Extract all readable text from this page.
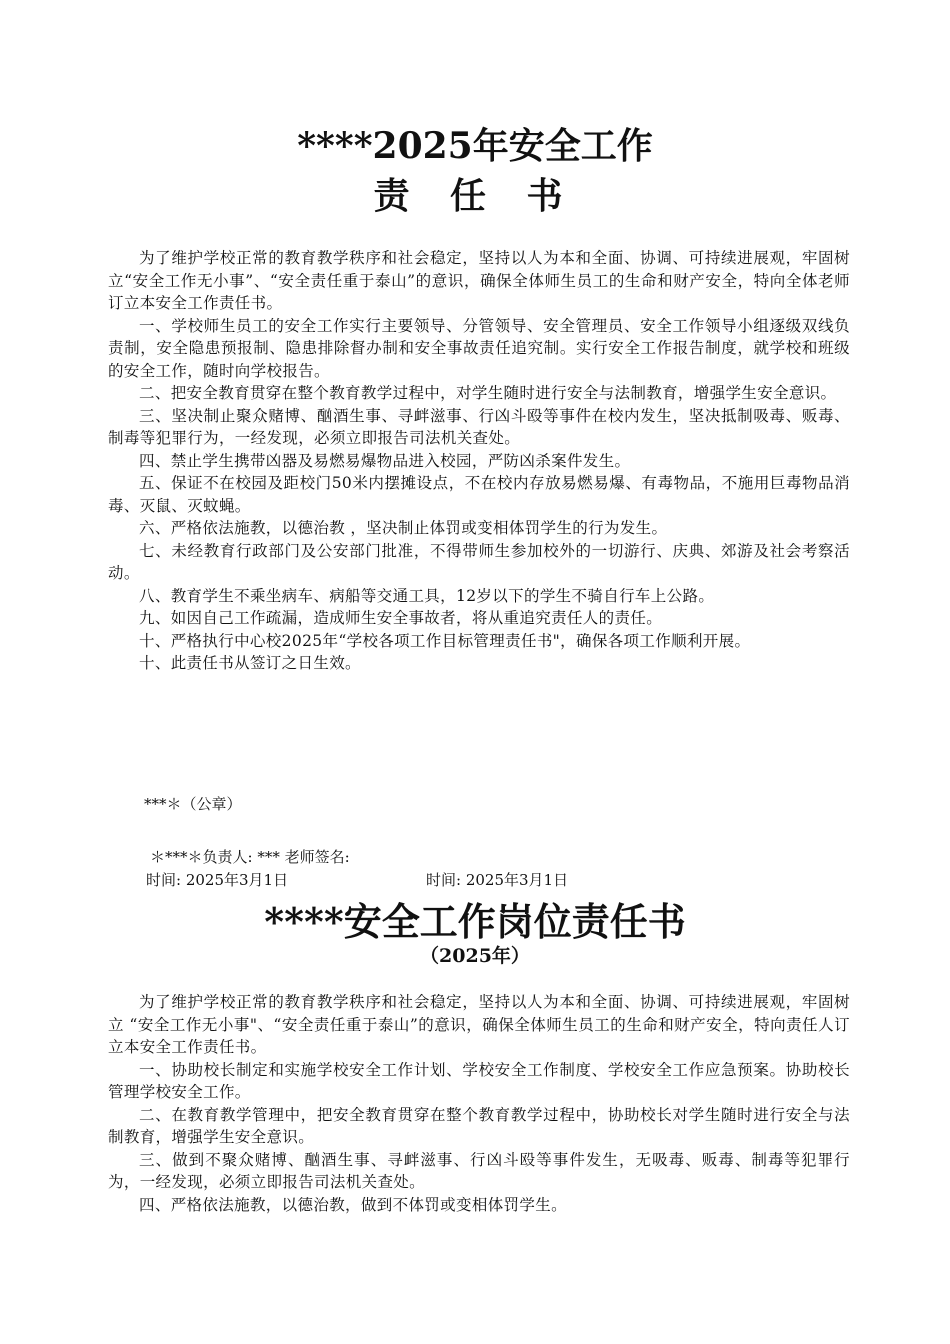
****2025年安全工作
责 任 书

为了维护学校正常的教育教学秩序和社会稳定，坚持以人为本和全面、协调、可持续进展观，牢固树立“安全工作无小事”、“安全责任重于泰山”的意识，确保全体师生员工的生命和财产安全，特向全体老师订立本安全工作责任书。

一、学校师生员工的安全工作实行主要领导、分管领导、安全管理员、安全工作领导小组逐级双线负责制，安全隐患预报制、隐患排除督办制和安全事故责任追究制。实行安全工作报告制度，就学校和班级的安全工作，随时向学校报告。

二、把安全教育贯穿在整个教育教学过程中，对学生随时进行安全与法制教育，增强学生安全意识。

三、坚决制止聚众赌博、酗酒生事、寻衅滋事、行凶斗殴等事件在校内发生，坚决抵制吸毒、贩毒、制毒等犯罪行为，一经发现，必须立即报告司法机关查处。

四、禁止学生携带凶器及易燃易爆物品进入校园，严防凶杀案件发生。

五、保证不在校园及距校门50米内摆摊设点，不在校内存放易燃易爆、有毒物品，不施用巨毒物品消毒、灭鼠、灭蚊蝇。

六、严格依法施教，以德治教 ，坚决制止体罚或变相体罚学生的行为发生。

七、未经教育行政部门及公安部门批准，不得带师生参加校外的一切游行、庆典、郊游及社会考察活动。

八、教育学生不乘坐病车、病船等交通工具，12岁以下的学生不骑自行车上公路。

九、如因自己工作疏漏，造成师生安全事故者，将从重追究责任人的责任。

十、严格执行中心校2025年“学校各项工作目标管理责任书"，确保各项工作顺利开展。

十、此责任书从签订之日生效。

***＊（公章）
＊***＊负责人: *** 老师签名:
时间: 2025年3月1日	时间: 2025年3月1日
****安全工作岗位责任书
（2025年）

为了维护学校正常的教育教学秩序和社会稳定，坚持以人为本和全面、协调、可持续进展观，牢固树立 “安全工作无小事"、“安全责任重于泰山”的意识，确保全体师生员工的生命和财产安全，特向责任人订立本安全工作责任书。

一、协助校长制定和实施学校安全工作计划、学校安全工作制度、学校安全工作应急预案。协助校长管理学校安全工作。

二、在教育教学管理中，把安全教育贯穿在整个教育教学过程中，协助校长对学生随时进行安全与法制教育，增强学生安全意识。

三、做到不聚众赌博、酗酒生事、寻衅滋事、行凶斗殴等事件发生，无吸毒、贩毒、制毒等犯罪行为，一经发现，必须立即报告司法机关查处。

四、严格依法施教，以德治教，做到不体罚或变相体罚学生。
